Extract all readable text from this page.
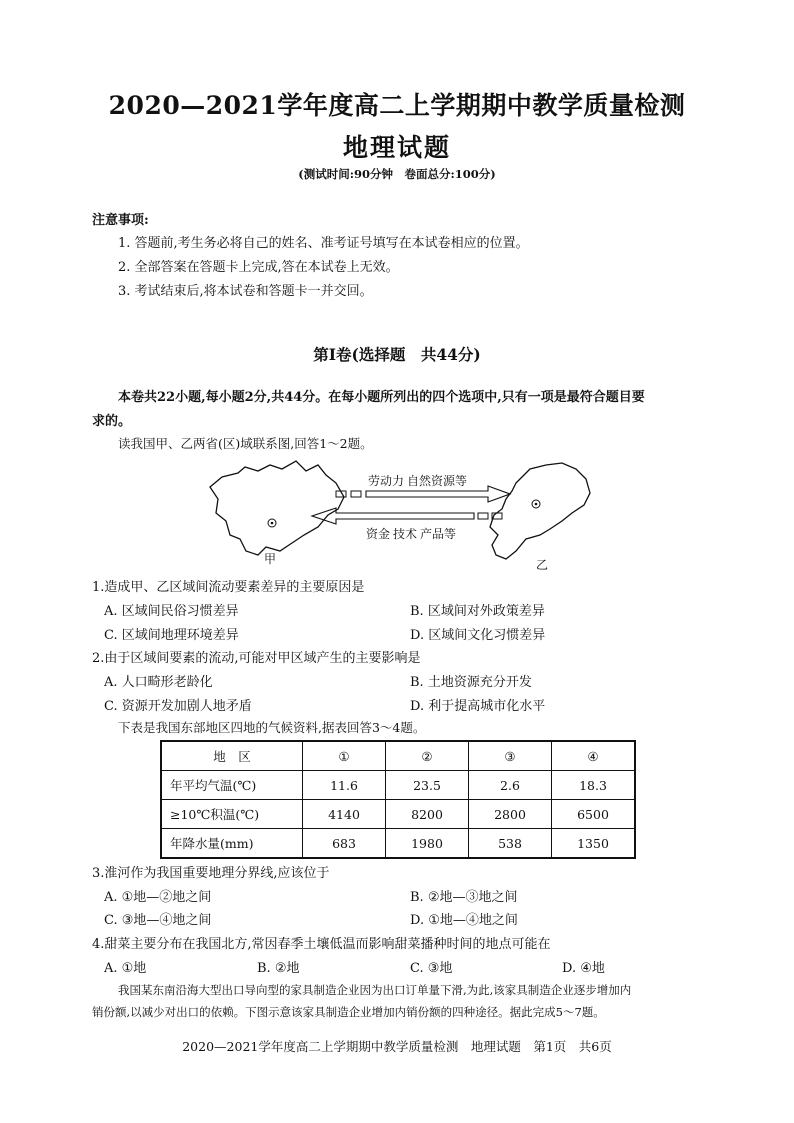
2020—2021学年度高二上学期期中教学质量检测
地理试题
(测试时间:90分钟　卷面总分:100分)
注意事项:
1. 答题前,考生务必将自己的姓名、准考证号填写在本试卷相应的位置。
2. 全部答案在答题卡上完成,答在本试卷上无效。
3. 考试结束后,将本试卷和答题卡一并交回。
第Ⅰ卷(选择题　共44分)
本卷共22小题,每小题2分,共44分。在每小题所列出的四个选项中,只有一项是最符合题目要
求的。
读我国甲、乙两省(区)域联系图,回答1～2题。
劳动力 自然资源等
资金 技术 产品等
甲	乙
1.造成甲、乙区域间流动要素差异的主要原因是
A. 区域间民俗习惯差异	B. 区域间对外政策差异
C. 区域间地理环境差异	D. 区域间文化习惯差异
2.由于区域间要素的流动,可能对甲区域产生的主要影响是
A. 人口畸形老龄化	B. 土地资源充分开发
C. 资源开发加剧人地矛盾	D. 利于提高城市化水平
下表是我国东部地区四地的气候资料,据表回答3～4题。
地　区	①	②	③	④
年平均气温(℃)	11.6	23.5	2.6	18.3
≥10℃积温(℃)	4140	8200	2800	6500
年降水量(mm)	683	1980	538	1350
3.淮河作为我国重要地理分界线,应该位于
A. ①地—②地之间	B. ②地—③地之间
C. ③地—④地之间	D. ①地—④地之间
4.甜菜主要分布在我国北方,常因春季土壤低温而影响甜菜播种时间的地点可能在
A. ①地	B. ②地	C. ③地	D. ④地
我国某东南沿海大型出口导向型的家具制造企业因为出口订单量下滑,为此,该家具制造企业逐步增加内
销份额,以减少对出口的依赖。下图示意该家具制造企业增加内销份额的四种途径。据此完成5～7题。
2020—2021学年度高二上学期期中教学质量检测　地理试题　第1页　共6页
